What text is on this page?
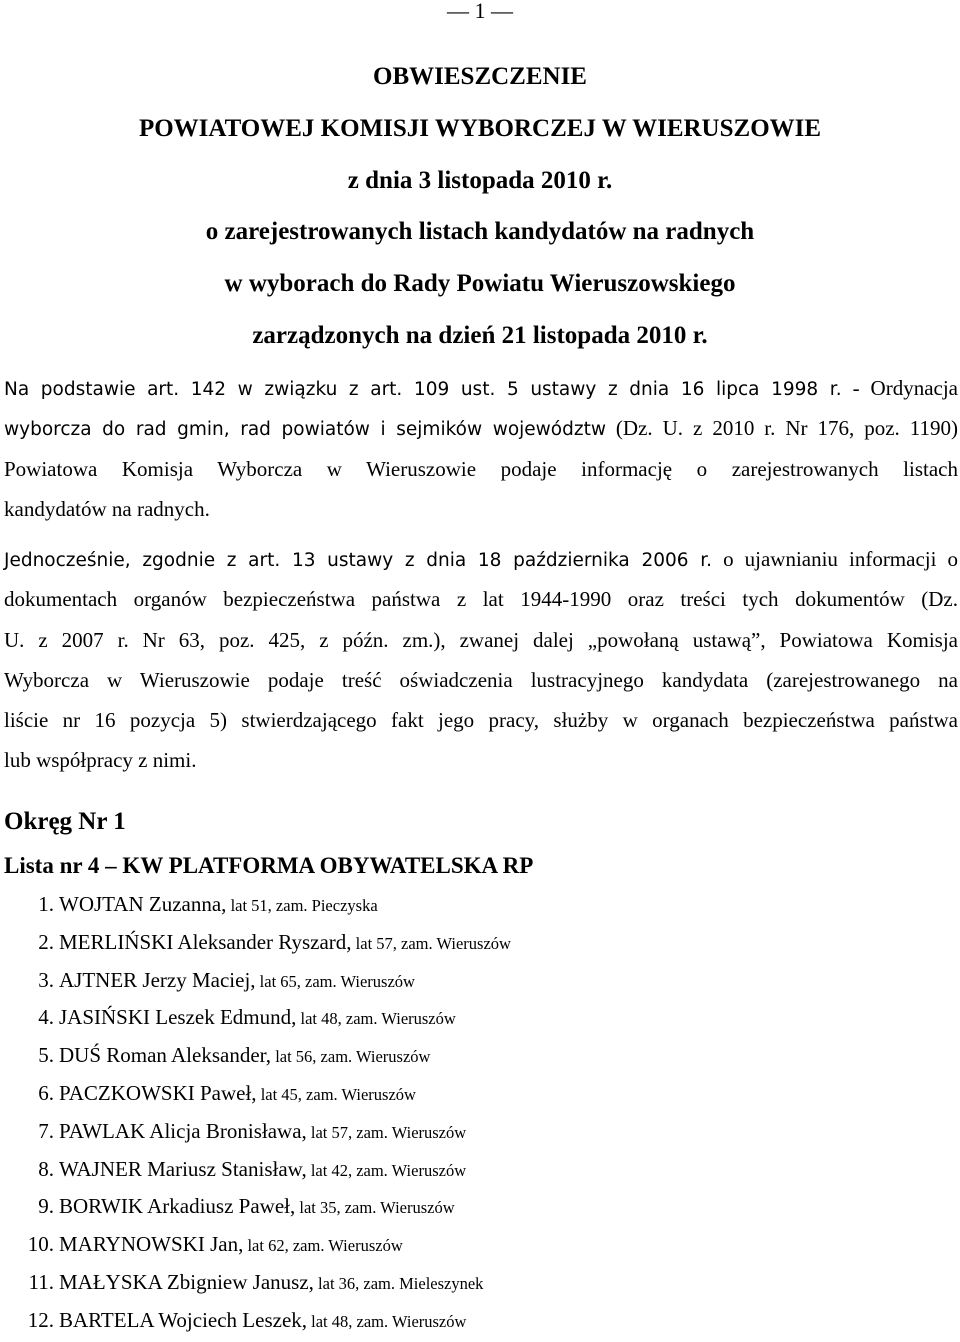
— 1 —
OBWIESZCZENIE
POWIATOWEJ KOMISJI WYBORCZEJ W WIERUSZOWIE
z dnia 3 listopada 2010 r.
o zarejestrowanych listach kandydatów na radnych
w wyborach do Rady Powiatu Wieruszowskiego
zarządzonych na dzień 21 listopada 2010 r.
Na podstawie art. 142 w związku z art. 109 ust. 5 ustawy z dnia 16 lipca 1998 r. - Ordynacja
wyborcza do rad gmin, rad powiatów i sejmików województw (Dz. U. z 2010 r. Nr 176, poz. 1190)
Powiatowa Komisja Wyborcza w Wieruszowie podaje informację o zarejestrowanych listach
kandydatów na radnych.
Jednocześnie, zgodnie z art. 13 ustawy z dnia 18 października 2006 r. o ujawnianiu informacji o
dokumentach organów bezpieczeństwa państwa z lat 1944-1990 oraz treści tych dokumentów (Dz.
U. z 2007 r. Nr 63, poz. 425, z późn. zm.), zwanej dalej „powołaną ustawą”, Powiatowa Komisja
Wyborcza w Wieruszowie podaje treść oświadczenia lustracyjnego kandydata (zarejestrowanego na
liście nr 16 pozycja 5) stwierdzającego fakt jego pracy, służby w organach bezpieczeństwa państwa
lub współpracy z nimi.
Okręg Nr 1
Lista nr 4 – KW PLATFORMA OBYWATELSKA RP
1. WOJTAN Zuzanna, lat 51, zam. Pieczyska
2. MERLIŃSKI Aleksander Ryszard, lat 57, zam. Wieruszów
3. AJTNER Jerzy Maciej, lat 65, zam. Wieruszów
4. JASIŃSKI Leszek Edmund, lat 48, zam. Wieruszów
5. DUŚ Roman Aleksander, lat 56, zam. Wieruszów
6. PACZKOWSKI Paweł, lat 45, zam. Wieruszów
7. PAWLAK Alicja Bronisława, lat 57, zam. Wieruszów
8. WAJNER Mariusz Stanisław, lat 42, zam. Wieruszów
9. BORWIK Arkadiusz Paweł, lat 35, zam. Wieruszów
10. MARYNOWSKI Jan, lat 62, zam. Wieruszów
11. MAŁYSKA Zbigniew Janusz, lat 36, zam. Mieleszynek
12. BARTELA Wojciech Leszek, lat 48, zam. Wieruszów
